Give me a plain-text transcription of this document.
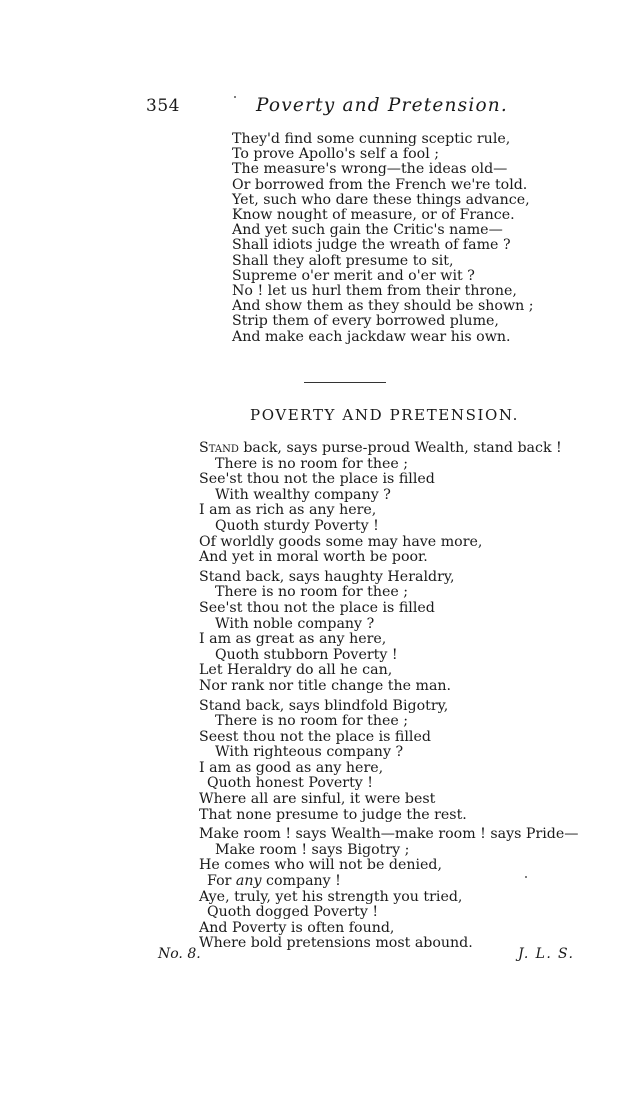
354	Poverty and Pretension.
They'd find some cunning sceptic rule,
To prove Apollo's self a fool ;
The measure's wrong—the ideas old—
Or borrowed from the French we're told.
Yet, such who dare these things advance,
Know nought of measure, or of France.
And yet such gain the Critic's name—
Shall idiots judge the wreath of fame ?
Shall they aloft presume to sit,
Supreme o'er merit and o'er wit ?
No ! let us hurl them from their throne,
And show them as they should be shown ;
Strip them of every borrowed plume,
And make each jackdaw wear his own.
POVERTY AND PRETENSION.
Stand back, says purse-proud Wealth, stand back !
There is no room for thee ;
See'st thou not the place is filled
With wealthy company ?
I am as rich as any here,
Quoth sturdy Poverty !
Of worldly goods some may have more,
And yet in moral worth be poor.
Stand back, says haughty Heraldry,
There is no room for thee ;
See'st thou not the place is filled
With noble company ?
I am as great as any here,
Quoth stubborn Poverty !
Let Heraldry do all he can,
Nor rank nor title change the man.
Stand back, says blindfold Bigotry,
There is no room for thee ;
Seest thou not the place is filled
With righteous company ?
I am as good as any here,
Quoth honest Poverty !
Where all are sinful, it were best
That none presume to judge the rest.
Make room ! says Wealth—make room ! says Pride—
Make room ! says Bigotry ;
He comes who will not be denied,
For any company !
Aye, truly, yet his strength you tried,
Quoth dogged Poverty !
And Poverty is often found,
Where bold pretensions most abound.
No. 8.	J. L. S.
